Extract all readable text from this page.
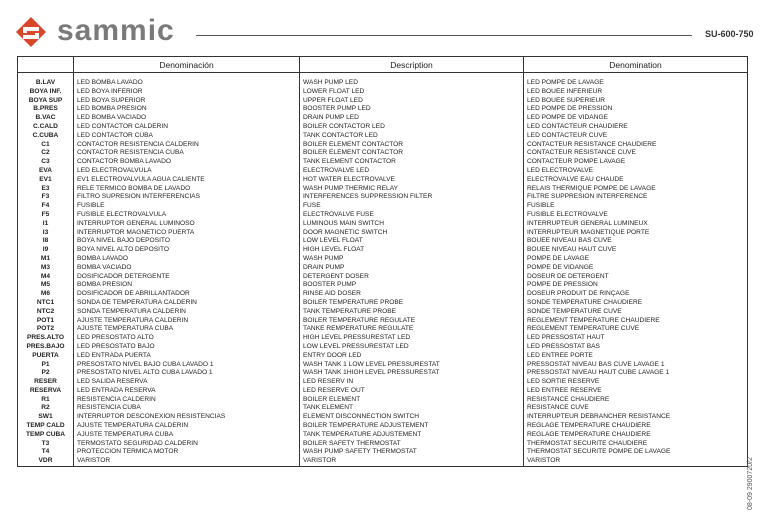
sammic	SU-600-750
	Denominación	Description	Denomination

B.LAV	LED BOMBA LAVADO	WASH PUMP LED	LED POMPE DE LAVAGE
BOYA INF.	LED BOYA INFERIOR	LOWER FLOAT LED	LED BOUÉE INFÉRIEUR
BOYA SUP	LED BOYA SUPERIOR	UPPER FLOAT LED	LED BOUÉE SUPÉRIEUR
B.PRES	LED BOMBA PRESION	BOOSTER PUMP LED	LED POMPE DE PRESSION
B.VAC	LED BOMBA VACIADO	DRAIN PUMP LED	LED POMPE DE VIDANGE
C.CALD	LED CONTACTOR CALDERIN	BOILER CONTACTOR LED	LED CONTACTEUR CHAUDIÈRE
C.CUBA	LED CONTACTOR CUBA	TANK CONTACTOR LED	LED CONTACTEUR CUVE
C1	CONTACTOR RESISTENCIA CALDERIN	BOILER ELEMENT CONTACTOR	CONTACTEUR RESISTANCE CHAUDIERE
C2	CONTACTOR RESISTENCIA CUBA	BOILER ELEMENT CONTACTOR	CONTACTEUR RESISTANCE CUVE
C3	CONTACTOR BOMBA LAVADO	TANK ELEMENT CONTACTOR	CONTACTEUR POMPE LAVAGE
EVA	LED ELECTROVALVULA	ELECTROVALVE LED	LED ELECTROVALVE
EV1	EV1 ELECTROVALVULA AGUA CALIENTE	HOT WATER ELECTROVALVE	ELECTROVALVE EAU CHAUDE
E3	RELE TERMICO BOMBA DE LAVADO	WASH PUMP THERMIC RELAY	RELAIS THERMIQUE POMPE DE LAVAGE
F3	FILTRO SUPRESION INTERFERENCIAS	INTERFERENCES SUPPRESSION FILTER	FILTRE SUPPRESION INTERFÉRENCE
F4	FUSIBLE	FUSE	FUSIBLE
F5	FUSIBLE ELECTROVALVULA	ELECTROVALVE FUSE	FUSIBLE ELECTROVALVE
I1	INTERRUPTOR GENERAL LUMINOSO	LUMINOUS MAIN SWITCH	INTERRUPTEUR GENERAL LUMINEUX
I3	INTERRUPTOR MAGNETICO PUERTA	DOOR MAGNETIC SWITCH	INTERRUPTEUR MAGNETIQUE PORTE
I8	BOYA NIVEL BAJO DEPOSITO	LOW LEVEL FLOAT	BOUEE NIVEAU BAS CUVE
I9	BOYA NIVEL ALTO DEPOSITO	HIGH LEVEL FLOAT	BOUEE NIVEAU HAUT CUVE
M1	BOMBA LAVADO	WASH PUMP	POMPE DE LAVAGE
M3	BOMBA VACIADO	DRAIN PUMP	POMPE DE VIDANGE
M4	DOSIFICADOR DETERGENTE	DETERGENT DOSER	DOSEUR DE DETERGENT
M5	BOMBA PRESION	BOOSTER PUMP	POMPE DE PRESSION
M6	DOSIFICADOR DE ABRILLANTADOR	RINSE AID DOSER	DOSEUR PRODUIT DE RINÇAGE
NTC1	SONDA DE TEMPERATURA CALDERIN	BOILER TEMPERATURE PROBE	SONDE TEMPERATURE CHAUDIERE
NTC2	SONDA TEMPERATURA CALDERIN	TANK TEMPERATURE PROBE	SONDE TEMPERATURE CUVE
POT1	AJUSTE TEMPERATURA CALDERIN	BOILER TEMPERATURE REGULATE	REGLEMENT TEMPERATURE CHAUDIERE
POT2	AJUSTE TEMPERATURA CUBA	TANKE REMPERATURE REGULATE	REGLEMENT TEMPERATURE CUVE
PRES.ALTO	LED PRESOSTATO ALTO	HIGH LEVEL PRESSURESTAT LED	LED PRESSOSTAT HAUT
PRES.BAJO	LED PRESOSTATO BAJO	LOW LEVEL PRESSURESTAT LED	LED PRESSOSTAT BAS
PUERTA	LED ENTRADA PUERTA	ENTRY DOOR LED	LED ENTRÉE PORTE
P1	PRESOSTATO NIVEL BAJO CUBA LAVADO 1	WASH TANK 1 LOW LEVEL PRESSURESTAT	PRESSOSTAT NIVEAU BAS CUVE LAVAGE 1
P2	PRESOSTATO NIVEL ALTO CUBA LAVADO 1	WASH TANK 1HIGH LEVEL PRESSURESTAT	PRESSOSTAT NIVEAU HAUT CUBE LAVAGE 1
RESER	LED SALIDA RESERVA	LED RESERV IN	LED SORTIE RESERVE
RESERVA	LED ENTRADA RESERVA	LED RESERVE OUT	LED ENTRÉE RESERVE
R1	RESISTENCIA CALDERIN	BOILER ELEMENT	RESISTANCE CHAUDIERE
R2	RESISTENCIA CUBA	TANK ELEMENT	RESISTANCE CUVE
SW1	INTERRUPTOR DESCONEXION RESISTENCIAS	ELEMENT DISCONNECTION SWITCH	INTERRUPTEUR DEBRANCHER RESISTANCE
TEMP CALD	AJUSTE TEMPERATURA CALDERIN	BOILER TEMPERATURE ADJUSTEMENT	REGLAGE TEMPERATURE CHAUDIÈRE
TEMP CUBA	AJUSTE TEMPERATURA CUBA	TANK TEMPERATURE ADJUSTEMENT	REGLAGE TEMPERATURE CHAUDIÈRE
T3	TERMOSTATO SEGURIDAD CALDERIN	BOILER SAFETY THERMOSTAT	THERMOSTAT SECURITE CHAUDIÈRE
T4	PROTECCION TERMICA MOTOR	WASH PUMP SAFETY THERMOSTAT	THERMOSTAT SECURITE POMPE DE LAVAGE
VDR	VARISTOR	VARISTOR	VARISTOR	08-09 2900720/2
